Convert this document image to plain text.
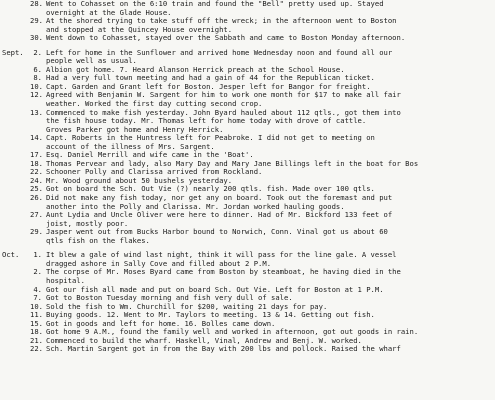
28. Went to Cohasset on the 6:10 train and found the "Bell" pretty used up. Stayed
overnight at the Glade House.
29. At the shored trying to take stuff off the wreck; in the afternoon went to Boston
and stopped at the Quincey House overnight.
30. Went down to Cohasset, stayed over the Sabbath and came to Boston Monday afternoon.
Sept.	2. Left for home in the Sunflower and arrived home Wednesday noon and found all our
people well as usual.
6. Albion got home. 7. Heard Alanson Herrick preach at the School House.
8. Had a very full town meeting and had a gain of 44 for the Republican ticket.
10. Capt. Garden and Grant left for Boston. Jesper left for Bangor for freight.
12. Agreed with Benjamin W. Sargent for him to work one month for $17 to make all fair
weather. Worked the first day cutting second crop.
13. Commenced to make fish yesterday. John Byard hauled about 112 qtls., got them into
the fish house today. Mr. Thomas left for home today with drove of cattle.
Groves Parker got home and Henry Herrick.
14. Capt. Roberts in the Huntress left for Peabroke. I did not get to meeting on
account of the illness of Mrs. Sargent.
17. Esq. Daniel Merrill and wife came in the 'Boat'.
18. Thomas Pervear and lady, also Mary Day and Mary Jane Billings left in the boat for Bos
22. Schooner Polly and Clarissa arrived from Rockland.
24. Mr. Wood ground about 50 bushels yesterday.
25. Got on board the Sch. Out Vie (?) nearly 200 qtls. fish. Made over 100 qtls.
26. Did not make any fish today, nor get any on board. Took out the foremast and put
another into the Polly and Clarissa. Mr. Jordan worked hauling goods.
27. Aunt Lydia and Uncle Oliver were here to dinner. Had of Mr. Bickford 133 feet of
joist, mostly poor.
29. Jasper went out from Bucks Harbor bound to Norwich, Conn. Vinal got us about 60
qtls fish on the flakes.
Oct.	1. It blew a gale of wind last night, think it will pass for the line gale. A vessel
dragged ashore in Sally Cove and filled about 2 P.M.
2. The corpse of Mr. Moses Byard came from Boston by steamboat, he having died in the
hospital.
4. Got our fish all made and put on board Sch. Out Vie. Left for Boston at 1 P.M.
7. Got to Boston Tuesday morning and fish very dull of sale.
10. Sold the fish to Wm. Churchill for $200, waiting 21 days for pay.
11. Buying goods. 12. Went to Mr. Taylors to meeting. 13 & 14. Getting out fish.
15. Got in goods and left for home. 16. Bolles came down.
18. Got home 9 A.M., found the family well and worked in afternoon, got out goods in rain.
21. Commenced to build the wharf. Haskell, Vinal, Andrew and Benj. W. worked.
22. Sch. Martin Sargent got in from the Bay with 200 lbs and pollock. Raised the wharf
